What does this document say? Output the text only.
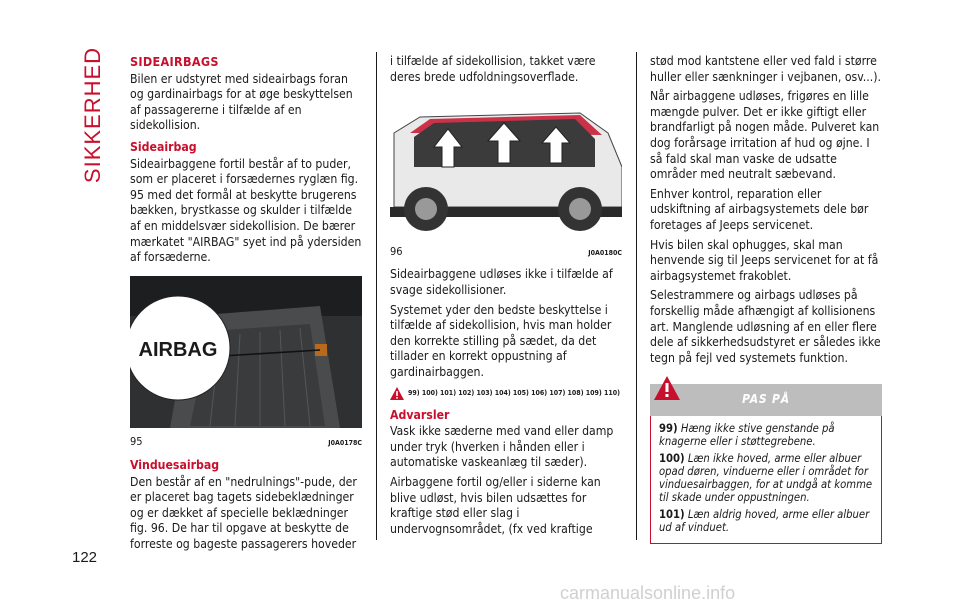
SIKKERHED SIDEAIRBAGS

Bilen er udstyret med sideairbags foran og gardinairbags for at øge beskyttelsen af passagererne i tilfælde af en sidekollision.

Sideairbag

Sideairbaggene fortil består af to puder, som er placeret i forsædernes ryglæn fig. 95 med det formål at beskytte brugerens bækken, brystkasse og skulder i tilfælde af en middelsvær sidekollision. De bærer mærkatet "AIRBAG" syet ind på ydersiden af forsæderne.

AIRBAG
95	J0A0178C
Vinduesairbag

Den består af en "nedrulnings"-pude, der er placeret bag tagets sidebeklædninger og er dækket af specielle beklædninger fig. 96. De har til opgave at beskytte de forreste og bageste passagerers hoveder

i tilfælde af sidekollision, takket være deres brede udfoldningsoverflade.

96	J0A0180C

Sideairbaggene udløses ikke i tilfælde af svage sidekollisioner.

Systemet yder den bedste beskyttelse i tilfælde af sidekollision, hvis man holder den korrekte stilling på sædet, da det tillader en korrekt oppustning af gardinairbaggen.

99) 100) 101) 102) 103) 104) 105) 106) 107) 108) 109) 110)
Advarsler

Vask ikke sæderne med vand eller damp under tryk (hverken i hånden eller i automatiske vaskeanlæg til sæder).

Airbaggene fortil og/eller i siderne kan blive udløst, hvis bilen udsættes for kraftige stød eller slag i undervognsområdet, (fx ved kraftige

stød mod kantstene eller ved fald i større huller eller sænkninger i vejbanen, osv...).

Når airbaggene udløses, frigøres en lille mængde pulver. Det er ikke giftigt eller brandfarligt på nogen måde. Pulveret kan dog forårsage irritation af hud og øjne. I så fald skal man vaske de udsatte områder med neutralt sæbevand.

Enhver kontrol, reparation eller udskiftning af airbagsystemets dele bør foretages af Jeeps servicenet.

Hvis bilen skal ophugges, skal man henvende sig til Jeeps servicenet for at få airbagsystemet frakoblet.

Selestrammere og airbags udløses på forskellig måde afhængigt af kollisionens art. Manglende udløsning af en eller flere dele af sikkerhedsudstyret er således ikke tegn på fejl ved systemets funktion.

PAS PÅ

99) Hæng ikke stive genstande på knagerne eller i støttegrebene.

100) Læn ikke hoved, arme eller albuer opad døren, vinduerne eller i området for vinduesairbaggen, for at undgå at komme til skade under oppustningen.

101) Læn aldrig hoved, arme eller albuer ud af vinduet.

122
carmanualsonline.info
